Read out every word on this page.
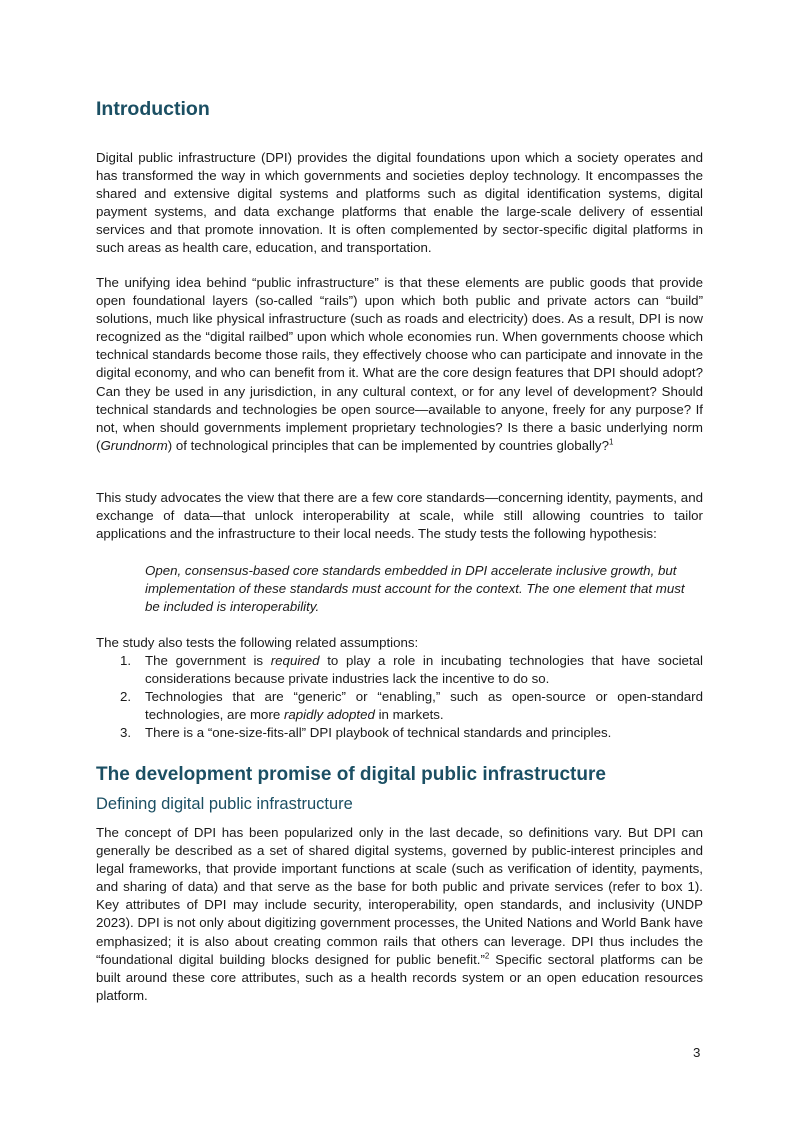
Introduction

Digital public infrastructure (DPI) provides the digital foundations upon which a society operates and has transformed the way in which governments and societies deploy technology. It encompasses the shared and extensive digital systems and platforms such as digital identification systems, digital payment systems, and data exchange platforms that enable the large-scale delivery of essential services and that promote innovation. It is often complemented by sector-specific digital platforms in such areas as health care, education, and transportation.

The unifying idea behind “public infrastructure” is that these elements are public goods that provide open foundational layers (so-called “rails”) upon which both public and private actors can “build” solutions, much like physical infrastructure (such as roads and electricity) does. As a result, DPI is now recognized as the “digital railbed” upon which whole economies run. When governments choose which technical standards become those rails, they effectively choose who can participate and innovate in the digital economy, and who can benefit from it. What are the core design features that DPI should adopt? Can they be used in any jurisdiction, in any cultural context, or for any level of development? Should technical standards and technologies be open source—available to anyone, freely for any purpose? If not, when should governments implement proprietary technologies? Is there a basic underlying norm (Grundnorm) of technological principles that can be implemented by countries globally?$^1$

This study advocates the view that there are a few core standards—concerning identity, payments, and exchange of data—that unlock interoperability at scale, while still allowing countries to tailor applications and the infrastructure to their local needs. The study tests the following hypothesis:

Open, consensus-based core standards embedded in DPI accelerate inclusive growth, but implementation of these standards must account for the context. The one element that must be included is interoperability.

The study also tests the following related assumptions:

1. The government is required to play a role in incubating technologies that have societal considerations because private industries lack the incentive to do so.
2. Technologies that are “generic” or “enabling,” such as open-source or open-standard technologies, are more rapidly adopted in markets.
3. There is a “one-size-fits-all” DPI playbook of technical standards and principles.
The development promise of digital public infrastructure
Defining digital public infrastructure

The concept of DPI has been popularized only in the last decade, so definitions vary. But DPI can generally be described as a set of shared digital systems, governed by public-interest principles and legal frameworks, that provide important functions at scale (such as verification of identity, payments, and sharing of data) and that serve as the base for both public and private services (refer to box 1). Key attributes of DPI may include security, interoperability, open standards, and inclusivity (UNDP 2023). DPI is not only about digitizing government processes, the United Nations and World Bank have emphasized; it is also about creating common rails that others can leverage. DPI thus includes the “foundational digital building blocks designed for public benefit.”$^2$ Specific sectoral platforms can be built around these core attributes, such as a health records system or an open education resources platform.

3
